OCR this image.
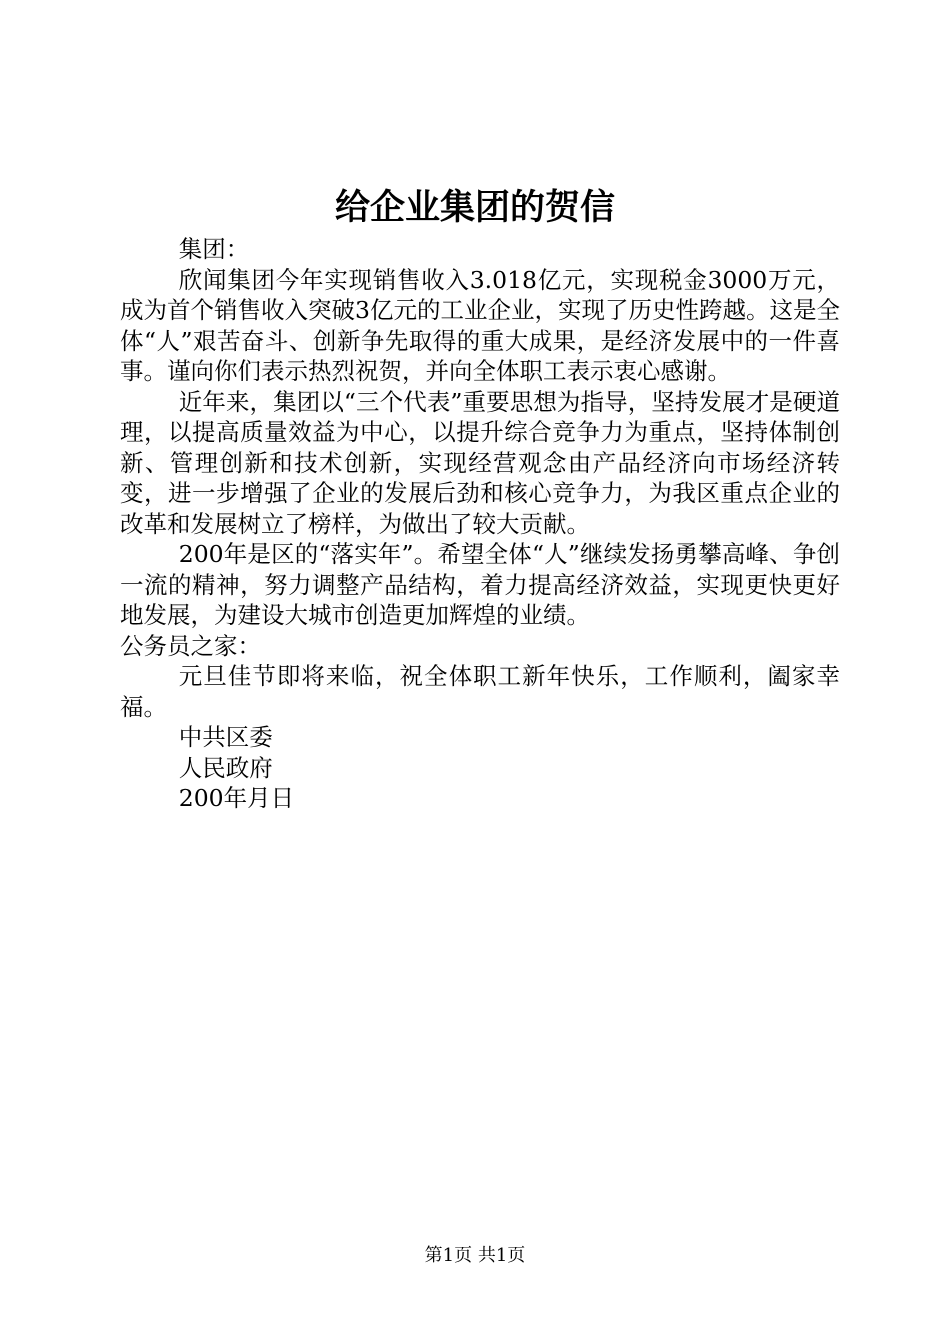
给企业集团的贺信

集团：

欣闻集团今年实现销售收入3.018亿元，实现税金3000万元，成为首个销售收入突破3亿元的工业企业，实现了历史性跨越。这是全体“人”艰苦奋斗、创新争先取得的重大成果，是经济发展中的一件喜事。谨向你们表示热烈祝贺，并向全体职工表示衷心感谢。

近年来，集团以“三个代表”重要思想为指导，坚持发展才是硬道理，以提高质量效益为中心，以提升综合竞争力为重点，坚持体制创新、管理创新和技术创新，实现经营观念由产品经济向市场经济转变，进一步增强了企业的发展后劲和核心竞争力，为我区重点企业的改革和发展树立了榜样，为做出了较大贡献。

200年是区的“落实年”。希望全体“人”继续发扬勇攀高峰、争创一流的精神，努力调整产品结构，着力提高经济效益，实现更快更好地发展，为建设大城市创造更加辉煌的业绩。

公务员之家：

元旦佳节即将来临，祝全体职工新年快乐，工作顺利，阖家幸福。

中共区委

人民政府

200年月日

第1页 共1页
